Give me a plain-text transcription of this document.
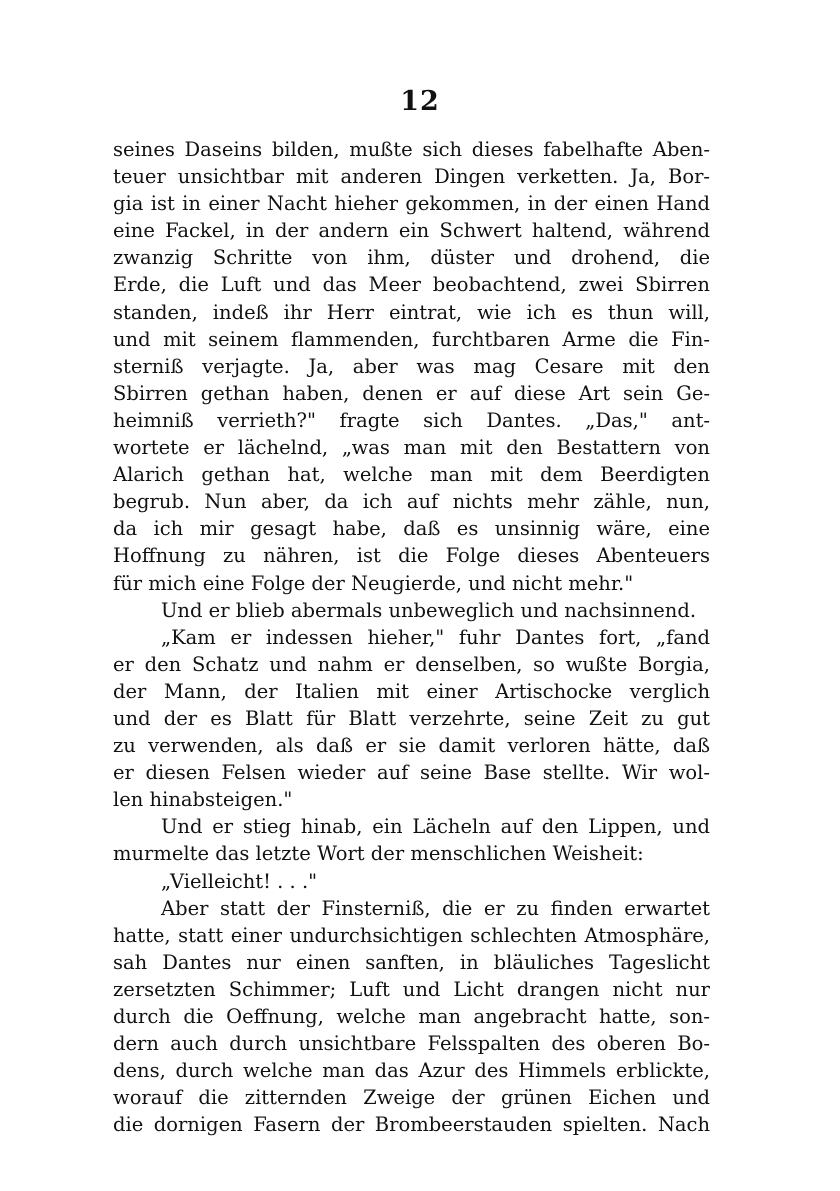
12
seines Daseins bilden, mußte sich dieses fabelhafte Aben-
teuer unsichtbar mit anderen Dingen verketten. Ja, Bor-
gia ist in einer Nacht hieher gekommen, in der einen Hand
eine Fackel, in der andern ein Schwert haltend, während
zwanzig Schritte von ihm, düster und drohend, die
Erde, die Luft und das Meer beobachtend, zwei Sbirren
standen, indeß ihr Herr eintrat, wie ich es thun will,
und mit seinem flammenden, furchtbaren Arme die Fin-
sterniß verjagte. Ja, aber was mag Cesare mit den
Sbirren gethan haben, denen er auf diese Art sein Ge-
heimniß verrieth?" fragte sich Dantes. „Das," ant-
wortete er lächelnd, „was man mit den Bestattern von
Alarich gethan hat, welche man mit dem Beerdigten
begrub. Nun aber, da ich auf nichts mehr zähle, nun,
da ich mir gesagt habe, daß es unsinnig wäre, eine
Hoffnung zu nähren, ist die Folge dieses Abenteuers
für mich eine Folge der Neugierde, und nicht mehr."
Und er blieb abermals unbeweglich und nachsinnend.
„Kam er indessen hieher," fuhr Dantes fort, „fand
er den Schatz und nahm er denselben, so wußte Borgia,
der Mann, der Italien mit einer Artischocke verglich
und der es Blatt für Blatt verzehrte, seine Zeit zu gut
zu verwenden, als daß er sie damit verloren hätte, daß
er diesen Felsen wieder auf seine Base stellte. Wir wol-
len hinabsteigen."
Und er stieg hinab, ein Lächeln auf den Lippen, und
murmelte das letzte Wort der menschlichen Weisheit:
„Vielleicht! . . ."
Aber statt der Finsterniß, die er zu finden erwartet
hatte, statt einer undurchsichtigen schlechten Atmosphäre,
sah Dantes nur einen sanften, in bläuliches Tageslicht
zersetzten Schimmer; Luft und Licht drangen nicht nur
durch die Oeffnung, welche man angebracht hatte, son-
dern auch durch unsichtbare Felsspalten des oberen Bo-
dens, durch welche man das Azur des Himmels erblickte,
worauf die zitternden Zweige der grünen Eichen und
die dornigen Fasern der Brombeerstauden spielten. Nach
